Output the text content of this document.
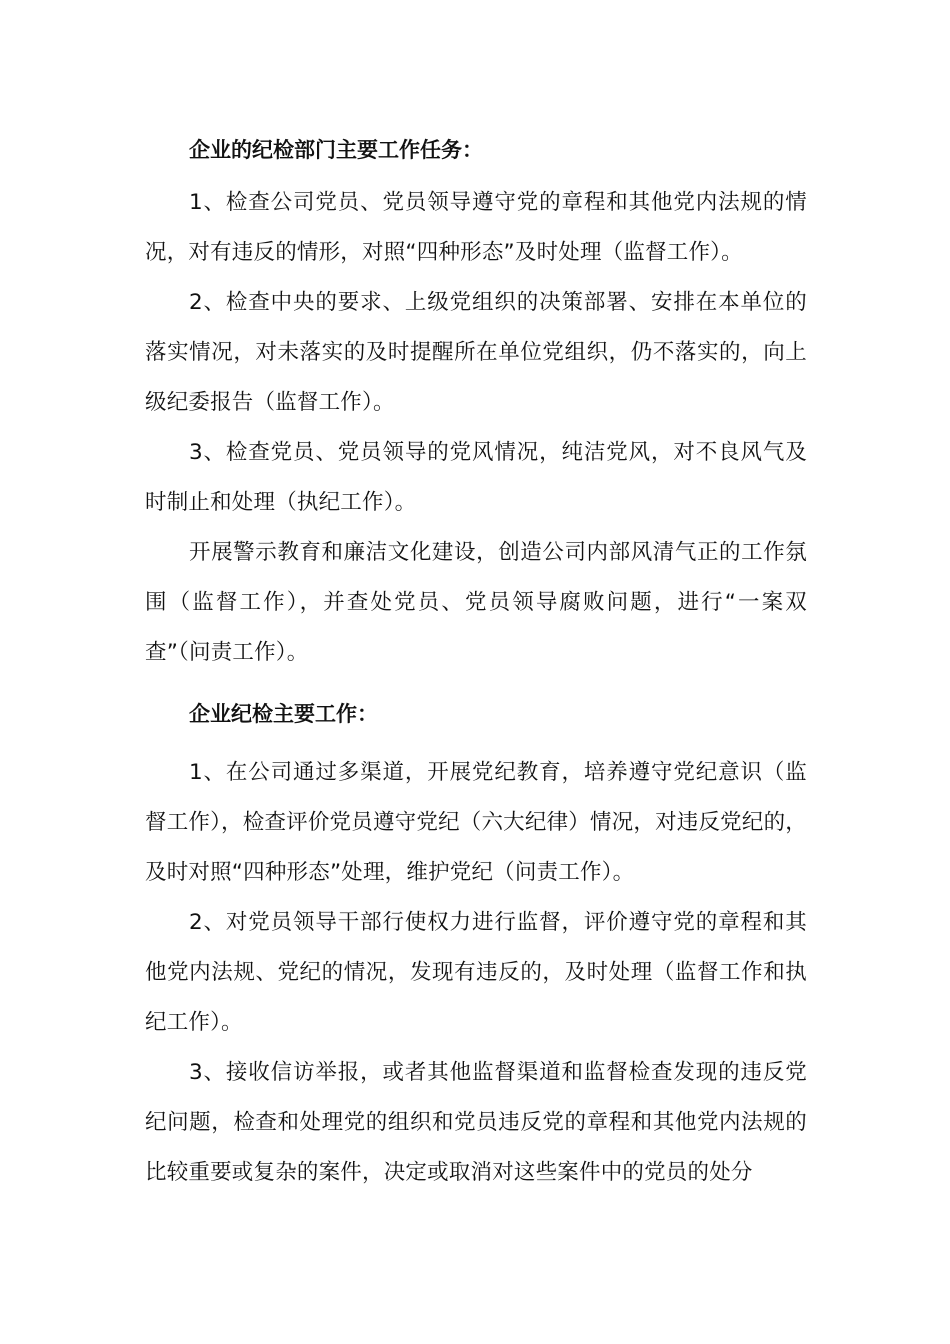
企业的纪检部门主要工作任务：

1、检查公司党员、党员领导遵守党的章程和其他党内法规的情况，对有违反的情形，对照“四种形态”及时处理（监督工作）。

2、检查中央的要求、上级党组织的决策部署、安排在本单位的落实情况，对未落实的及时提醒所在单位党组织，仍不落实的，向上级纪委报告（监督工作）。

3、检查党员、党员领导的党风情况，纯洁党风，对不良风气及时制止和处理（执纪工作）。

开展警示教育和廉洁文化建设，创造公司内部风清气正的工作氛围（监督工作），并查处党员、党员领导腐败问题，进行“一案双查”（问责工作）。

企业纪检主要工作：

1、在公司通过多渠道，开展党纪教育，培养遵守党纪意识（监督工作），检查评价党员遵守党纪（六大纪律）情况，对违反党纪的，及时对照“四种形态”处理，维护党纪（问责工作）。

2、对党员领导干部行使权力进行监督，评价遵守党的章程和其他党内法规、党纪的情况，发现有违反的，及时处理（监督工作和执纪工作）。

3、接收信访举报，或者其他监督渠道和监督检查发现的违反党纪问题，检查和处理党的组织和党员违反党的章程和其他党内法规的比较重要或复杂的案件，决定或取消对这些案件中的党员的处分
